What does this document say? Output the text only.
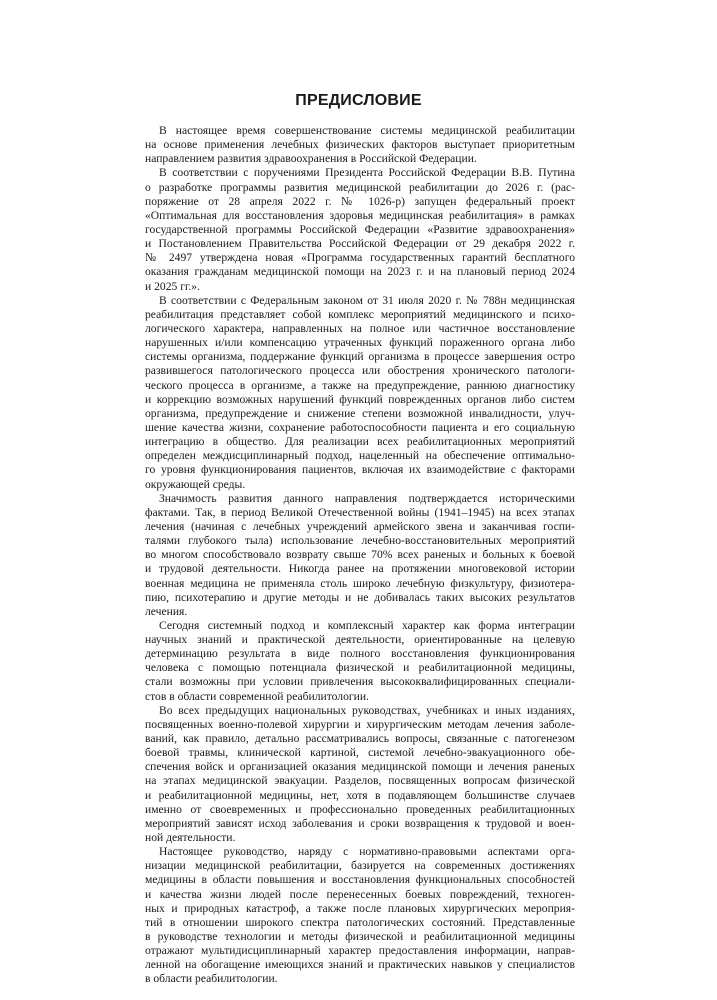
ПРЕДИСЛОВИЕ

В настоящее время совершенствование системы медицинской реабилитации
на основе применения лечебных физических факторов выступает приоритетным
направлением развития здравоохранения в Российской Федерации.

В соответствии с поручениями Президента Российской Федерации В.В. Путина
о разработке программы развития медицинской реабилитации до 2026 г. (рас-
поряжение от 28 апреля 2022 г. № 1026-р) запущен федеральный проект
«Оптимальная для восстановления здоровья медицинская реабилитация» в рамках
государственной программы Российской Федерации «Развитие здравоохранения»
и Постановлением Правительства Российской Федерации от 29 декабря 2022 г.
№ 2497 утверждена новая «Программа государственных гарантий бесплатного
оказания гражданам медицинской помощи на 2023 г. и на плановый период 2024
и 2025 гг.».

В соответствии с Федеральным законом от 31 июля 2020 г. № 788н медицинская
реабилитация представляет собой комплекс мероприятий медицинского и психо-
логического характера, направленных на полное или частичное восстановление
нарушенных и/или компенсацию утраченных функций пораженного органа либо
системы организма, поддержание функций организма в процессе завершения остро
развившегося патологического процесса или обострения хронического патологи-
ческого процесса в организме, а также на предупреждение, раннюю диагностику
и коррекцию возможных нарушений функций поврежденных органов либо систем
организма, предупреждение и снижение степени возможной инвалидности, улуч-
шение качества жизни, сохранение работоспособности пациента и его социальную
интеграцию в общество. Для реализации всех реабилитационных мероприятий
определен междисциплинарный подход, нацеленный на обеспечение оптимально-
го уровня функционирования пациентов, включая их взаимодействие с факторами
окружающей среды.

Значимость развития данного направления подтверждается историческими
фактами. Так, в период Великой Отечественной войны (1941–1945) на всех этапах
лечения (начиная с лечебных учреждений армейского звена и заканчивая госпи-
талями глубокого тыла) использование лечебно-восстановительных мероприятий
во многом способствовало возврату свыше 70% всех раненых и больных к боевой
и трудовой деятельности. Никогда ранее на протяжении многовековой истории
военная медицина не применяла столь широко лечебную физкультуру, физиотера-
пию, психотерапию и другие методы и не добивалась таких высоких результатов
лечения.

Сегодня системный подход и комплексный характер как форма интеграции
научных знаний и практической деятельности, ориентированные на целевую
детерминацию результата в виде полного восстановления функционирования
человека с помощью потенциала физической и реабилитационной медицины,
стали возможны при условии привлечения высококвалифицированных специали-
стов в области современной реабилитологии.

Во всех предыдущих национальных руководствах, учебниках и иных изданиях,
посвященных военно-полевой хирургии и хирургическим методам лечения заболе-
ваний, как правило, детально рассматривались вопросы, связанные с патогенезом
боевой травмы, клинической картиной, системой лечебно-эвакуационного обе-
спечения войск и организацией оказания медицинской помощи и лечения раненых
на этапах медицинской эвакуации. Разделов, посвященных вопросам физической
и реабилитационной медицины, нет, хотя в подавляющем большинстве случаев
именно от своевременных и профессионально проведенных реабилитационных
мероприятий зависят исход заболевания и сроки возвращения к трудовой и воен-
ной деятельности.

Настоящее руководство, наряду с нормативно-правовыми аспектами орга-
низации медицинской реабилитации, базируется на современных достижениях
медицины в области повышения и восстановления функциональных способностей
и качества жизни людей после перенесенных боевых повреждений, техноген-
ных и природных катастроф, а также после плановых хирургических мероприя-
тий в отношении широкого спектра патологических состояний. Представленные
в руководстве технологии и методы физической и реабилитационной медицины
отражают мультидисциплинарный характер предоставления информации, направ-
ленной на обогащение имеющихся знаний и практических навыков у специалистов
в области реабилитологии.
